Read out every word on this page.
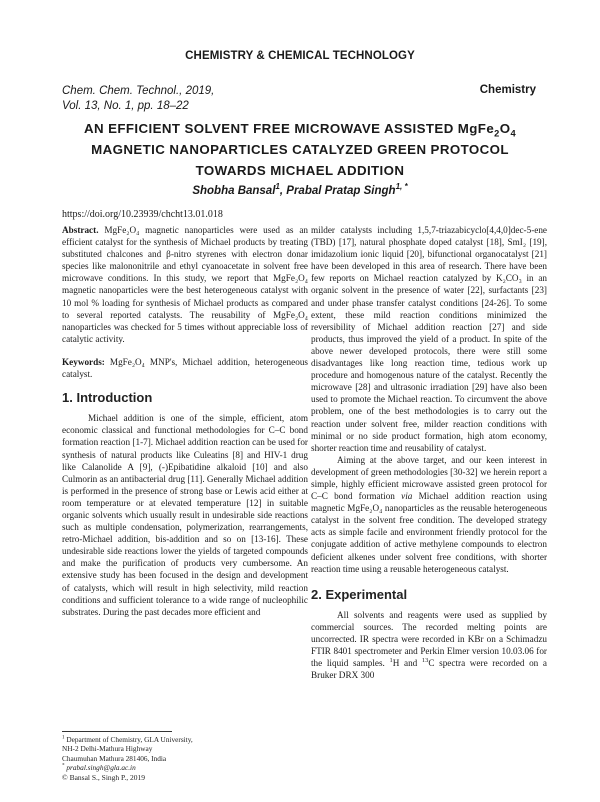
CHEMISTRY & CHEMICAL TECHNOLOGY
Chem. Chem. Technol., 2019,
Vol. 13, No. 1, pp. 18–22
Chemistry
AN EFFICIENT SOLVENT FREE MICROWAVE ASSISTED $MgFe_2O_4$
MAGNETIC NANOPARTICLES CATALYZED GREEN PROTOCOL
TOWARDS MICHAEL ADDITION
Shobha Bansal$^1$, Prabal Pratap Singh$^{1, *}$
https://doi.org/10.23939/chcht13.01.018

Abstract. MgFe₂O₄ magnetic nanoparticles were used as an efficient catalyst for the synthesis of Michael products by treating substituted chalcones and β-nitro styrenes with electron donar species like malononitrile and ethyl cyanoacetate in solvent free microwave conditions. In this study, we report that MgFe₂O₄ magnetic nanoparticles were the best heterogeneous catalyst with 10 mol % loading for synthesis of Michael products as compared to several reported catalysts. The reusability of MgFe₂O₄ nanoparticles was checked for 5 times without appreciable loss of catalytic activity.

Keywords: MgFe₂O₄ MNP's, Michael addition, heterogeneous catalyst.

1. Introduction

Michael addition is one of the simple, efficient, atom economic classical and functional methodologies for C–C bond formation reaction [1-7]. Michael addition reaction can be used for synthesis of natural products like Culeatins [8] and HIV-1 drug like Calanolide A [9], (-)Epibatidine alkaloid [10] and also Culmorin as an antibacterial drug [11]. Generally Michael addition is performed in the presence of strong base or Lewis acid either at room temperature or at elevated temperature [12] in suitable organic solvents which usually result in undesirable side reactions such as multiple condensation, polymerization, rearrangements, retro-Michael addition, bis-addition and so on [13-16]. These undesirable side reactions lower the yields of targeted compounds and make the purification of products very cumbersome. An extensive study has been focused in the design and development of catalysts, which will result in high selectivity, mild reaction conditions and sufficient tolerance to a wide range of nucleophilic substrates. During the past decades more efficient and

milder catalysts including 1,5,7-triazabicyclo[4,4,0]dec-5-ene (TBD) [17], natural phosphate doped catalyst [18], SmI₂ [19], imidazolium ionic liquid [20], bifunctional organocatalyst [21] have been developed in this area of research. There have been few reports on Michael reaction catalyzed by K₂CO₃ in an organic solvent in the presence of water [22], surfactants [23] and under phase transfer catalyst conditions [24-26]. To some extent, these mild reaction conditions minimized the reversibility of Michael addition reaction [27] and side products, thus improved the yield of a product. In spite of the above newer developed protocols, there were still some disadvantages like long reaction time, tedious work up procedure and homogenous nature of the catalyst. Recently the microwave [28] and ultrasonic irradiation [29] have also been used to promote the Michael reaction. To circumvent the above problem, one of the best methodologies is to carry out the reaction under solvent free, milder reaction conditions with minimal or no side product formation, high atom economy, shorter reaction time and reusability of catalyst.

Aiming at the above target, and our keen interest in development of green methodologies [30-32] we herein report a simple, highly efficient microwave assisted green protocol for C–C bond formation via Michael addition reaction using magnetic MgFe₂O₄ nanoparticles as the reusable heterogeneous catalyst in the solvent free condition. The developed strategy acts as simple facile and environment friendly protocol for the conjugate addition of active methylene compounds to electron deficient alkenes under solvent free conditions, with shorter reaction time using a reusable heterogeneous catalyst.

2. Experimental

All solvents and reagents were used as supplied by commercial sources. The recorded melting points are uncorrected. IR spectra were recorded in KBr on a Schimadzu FTIR 8401 spectrometer and Perkin Elmer version 10.03.06 for the liquid samples. $^1$H and $^{13}$C spectra were recorded on a Bruker DRX 300

$^1$ Department of Chemistry, GLA University,
NH-2 Delhi-Mathura Highway
Chaumuhan Mathura 281406, India
* prabal.singh@gla.ac.in
© Bansal S., Singh P., 2019
